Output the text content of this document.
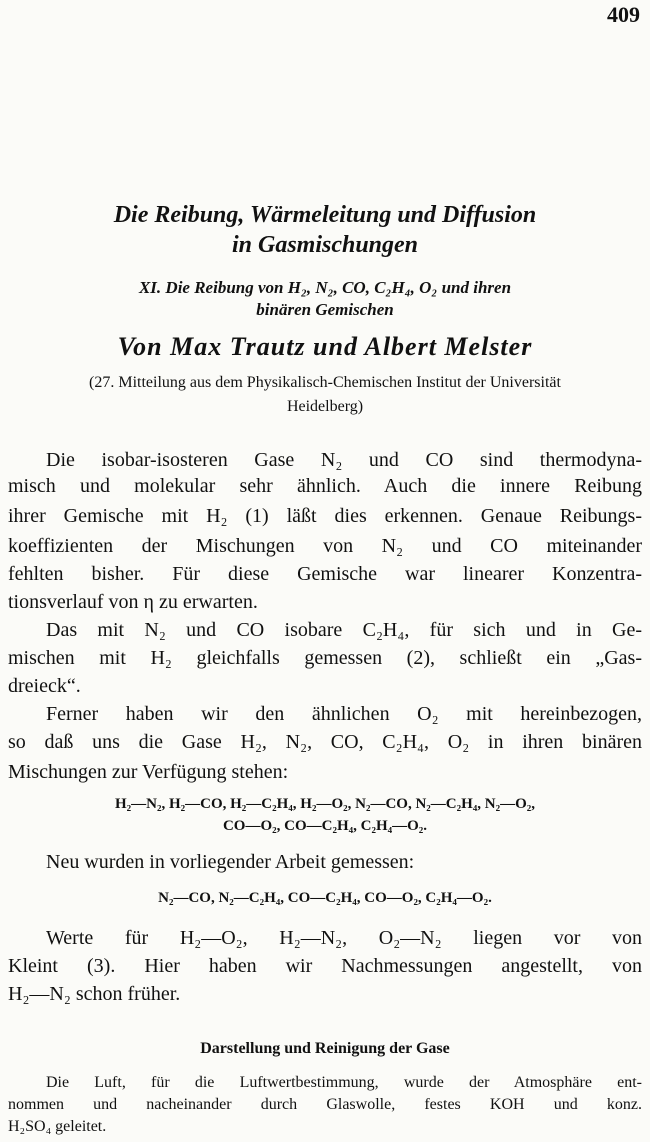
409
Die Reibung, Wärmeleitung und Diffusion
in Gasmischungen
XI. Die Reibung von H₂, N₂, CO, C₂H₄, O₂ und ihren
binären Gemischen
Von Max Trautz und Albert Melster
(27. Mitteilung aus dem Physikalisch-Chemischen Institut der Universität
Heidelberg)
Die isobar-isosteren Gase N₂ und CO sind thermodyna-
misch und molekular sehr ähnlich. Auch die innere Reibung
ihrer Gemische mit H₂ (1) läßt dies erkennen. Genaue Reibungs-
koeffizienten der Mischungen von N₂ und CO miteinander
fehlten bisher. Für diese Gemische war linearer Konzentra-
tionsverlauf von η zu erwarten.
Das mit N₂ und CO isobare C₂H₄, für sich und in Ge-
mischen mit H₂ gleichfalls gemessen (2), schließt ein „Gas-
dreieck“.
Ferner haben wir den ähnlichen O₂ mit hereinbezogen,
so daß uns die Gase H₂, N₂, CO, C₂H₄, O₂ in ihren binären
Mischungen zur Verfügung stehen:
H₂—N₂, H₂—CO, H₂—C₂H₄, H₂—O₂, N₂—CO, N₂—C₂H₄, N₂—O₂,
CO—O₂, CO—C₂H₄, C₂H₄—O₂.
Neu wurden in vorliegender Arbeit gemessen:
N₂—CO, N₂—C₂H₄, CO—C₂H₄, CO—O₂, C₂H₄—O₂.
Werte für H₂—O₂, H₂—N₂, O₂—N₂ liegen vor von
Kleint (3). Hier haben wir Nachmessungen angestellt, von
H₂—N₂ schon früher.
Darstellung und Reinigung der Gase
Die Luft, für die Luftwertbestimmung, wurde der Atmosphäre ent-
nommen und nacheinander durch Glaswolle, festes KOH und konz.
H₂SO₄ geleitet.
